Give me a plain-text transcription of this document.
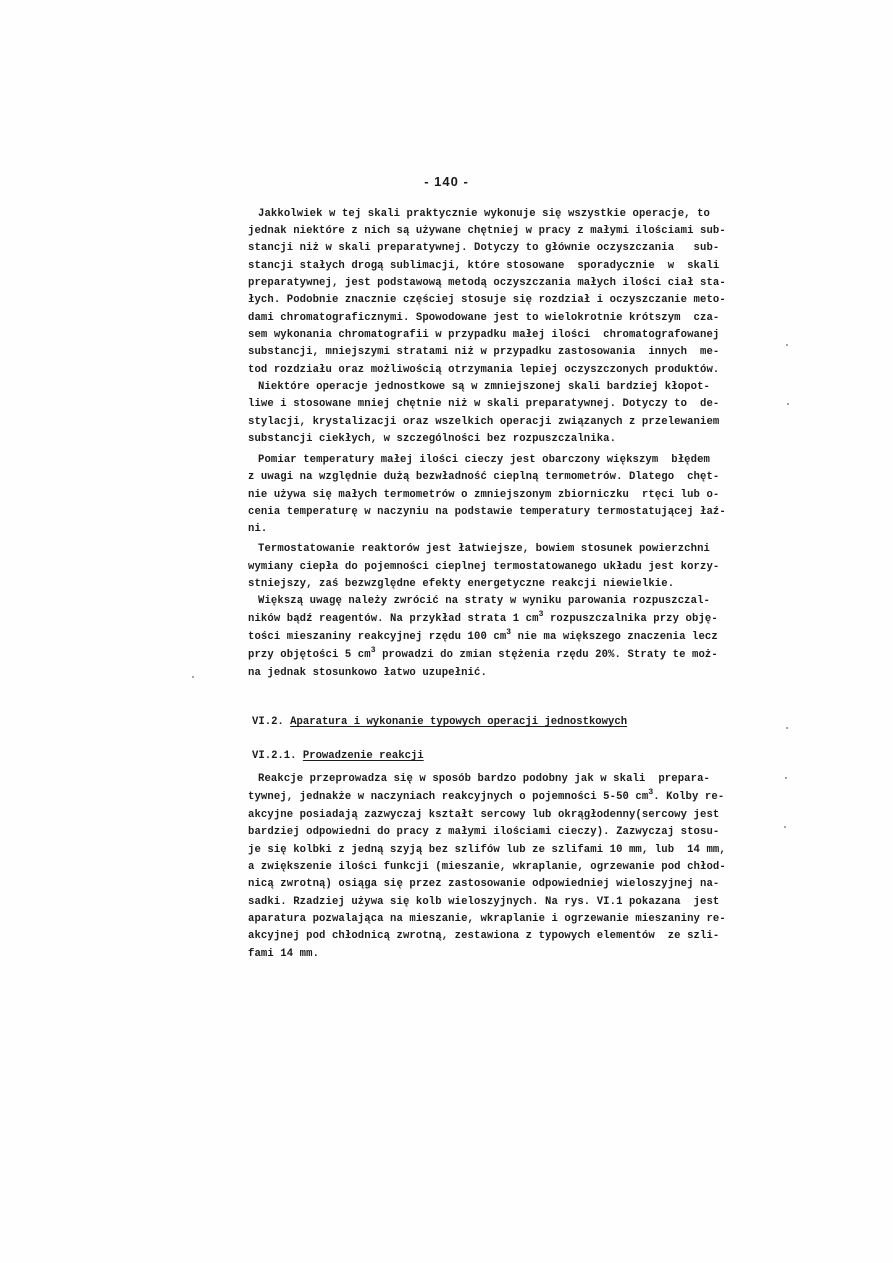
- 140 -
Jakkolwiek w tej skali praktycznie wykonuje się wszystkie operacje, to
jednak niektóre z nich są używane chętniej w pracy z małymi ilościami sub-
stancji niż w skali preparatywnej. Dotyczy to głównie oczyszczania   sub-
stancji stałych drogą sublimacji, które stosowane  sporadycznie  w  skali
preparatywnej, jest podstawową metodą oczyszczania małych ilości ciał sta-
łych. Podobnie znacznie częściej stosuje się rozdział i oczyszczanie meto-
dami chromatograficznymi. Spowodowane jest to wielokrotnie krótszym  cza-
sem wykonania chromatografii w przypadku małej ilości  chromatografowanej
substancji, mniejszymi stratami niż w przypadku zastosowania  innych  me-
tod rozdziału oraz możliwością otrzymania lepiej oczyszczonych produktów.
Niektóre operacje jednostkowe są w zmniejszonej skali bardziej kłopot-
liwe i stosowane mniej chętnie niż w skali preparatywnej. Dotyczy to  de-
stylacji, krystalizacji oraz wszelkich operacji związanych z przelewaniem
substancji ciekłych, w szczególności bez rozpuszczalnika.
Pomiar temperatury małej ilości cieczy jest obarczony większym  błędem
z uwagi na względnie dużą bezwładność cieplną termometrów. Dlatego  chęt-
nie używa się małych termometrów o zmniejszonym zbiorniczku  rtęci lub o-
cenia temperaturę w naczyniu na podstawie temperatury termostatującej łaź-
ni.
Termostatowanie reaktorów jest łatwiejsze, bowiem stosunek powierzchni
wymiany ciepła do pojemności cieplnej termostatowanego układu jest korzy-
stniejszy, zaś bezwzględne efekty energetyczne reakcji niewielkie.
Większą uwagę należy zwrócić na straty w wyniku parowania rozpuszczal-
ników bądź reagentów. Na przykład strata 1 $cm^3$ rozpuszczalnika przy obję-
tości mieszaniny reakcyjnej rzędu 100 $cm^3$ nie ma większego znaczenia lecz
przy objętości 5 $cm^3$ prowadzi do zmian stężenia rzędu 20%. Straty te moż-
na jednak stosunkowo łatwo uzupełnić.
VI.2. Aparatura i wykonanie typowych operacji jednostkowych
VI.2.1. Prowadzenie reakcji
Reakcje przeprowadza się w sposób bardzo podobny jak w skali  prepara-
tywnej, jednakże w naczyniach reakcyjnych o pojemności 5-50 $cm^3$. Kolby re-
akcyjne posiadają zazwyczaj kształt sercowy lub okrągłodenny(sercowy jest
bardziej odpowiedni do pracy z małymi ilościami cieczy). Zazwyczaj stosu-
je się kolbki z jedną szyją bez szlifów lub ze szlifami 10 mm, lub  14 mm,
a zwiększenie ilości funkcji (mieszanie, wkraplanie, ogrzewanie pod chłod-
nicą zwrotną) osiąga się przez zastosowanie odpowiedniej wieloszyjnej na-
sadki. Rzadziej używa się kolb wieloszyjnych. Na rys. VI.1 pokazana  jest
aparatura pozwalająca na mieszanie, wkraplanie i ogrzewanie mieszaniny re-
akcyjnej pod chłodnicą zwrotną, zestawiona z typowych elementów  ze szli-
fami 14 mm.
